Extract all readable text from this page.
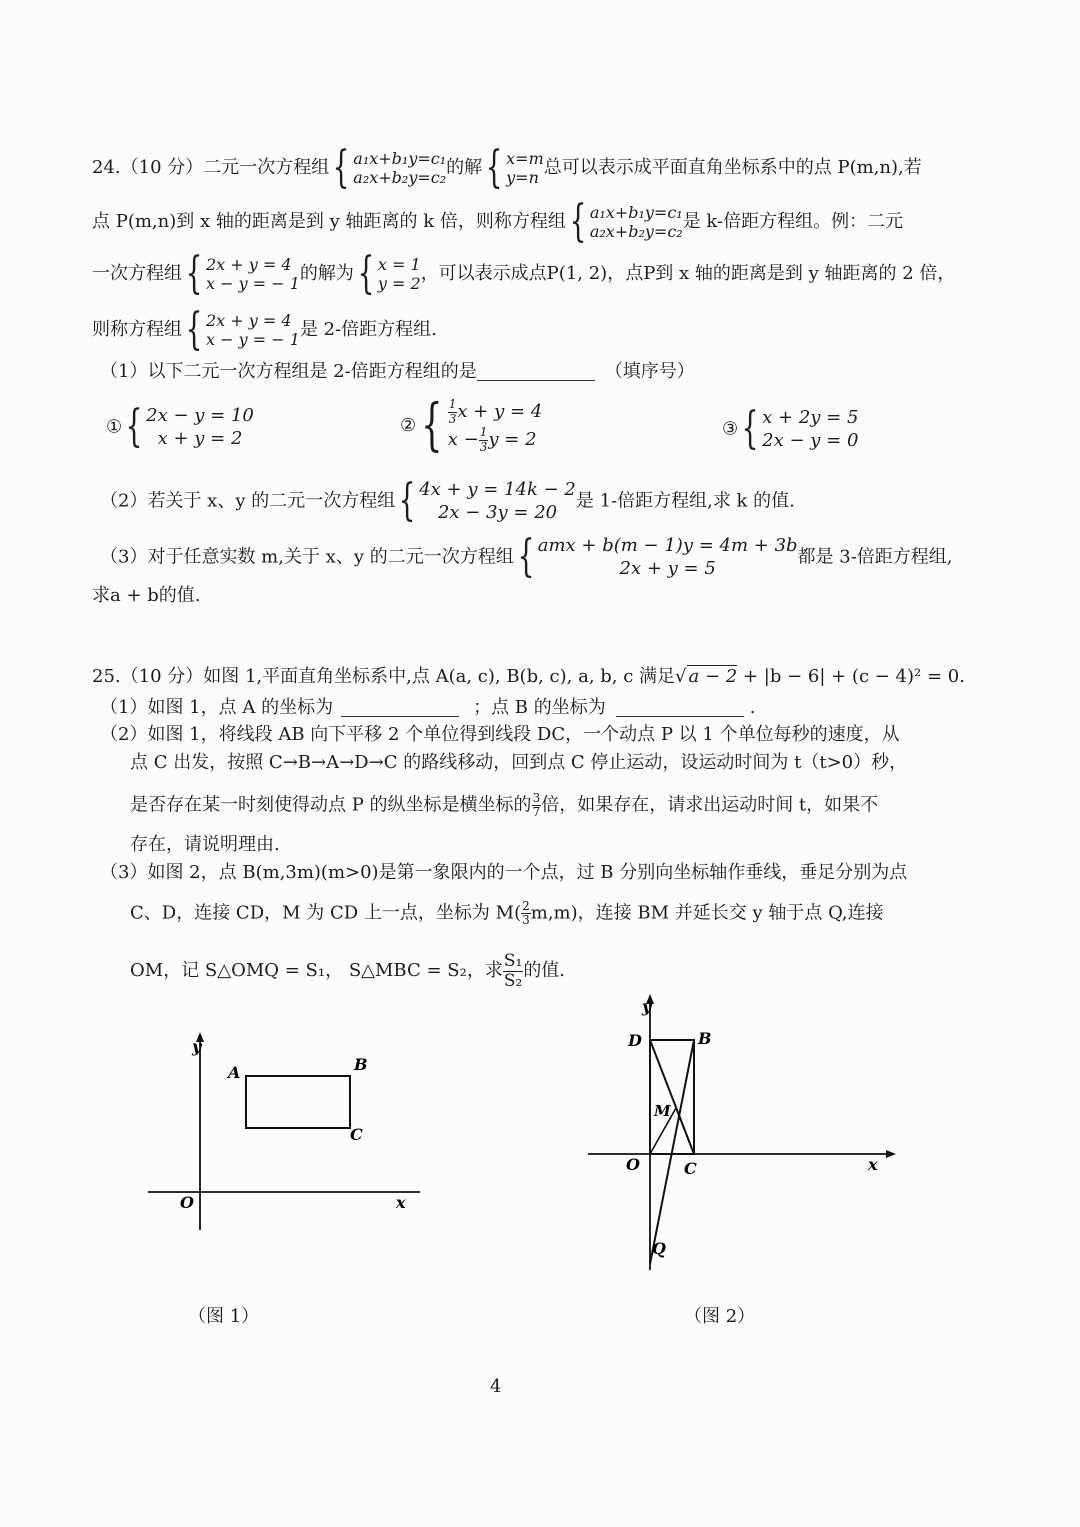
24.（10 分）二元一次方程组 { a₁x+b₁y=c₁
a₂x+b₂y=c₂ 的解 { x=m
y=n 总可以表示成平面直角坐标系中的点 P(m,n),若
点 P(m,n)到 x 轴的距离是到 y 轴距离的 k 倍，则称方程组 { a₁x+b₁y=c₁
a₂x+b₂y=c₂ 是 k-倍距方程组。例：二元
一次方程组 { 2x + y = 4
x − y = − 1 的解为 { x = 1
y = 2 ，可以表示成点P(1, 2)，点P到 x 轴的距离是到 y 轴距离的 2 倍，
则称方程组 { 2x + y = 4
x − y = − 1 是 2-倍距方程组.
（1）以下二元一次方程组是 2-倍距方程组的是	（填序号）
① { 2x − y = 10
x + y = 2
② { $\frac{1}{3}$ x + y = 4
$x - \frac{1}{3}$ y = 2
③ { x + 2y = 5
2x − y = 0
（2）若关于 x、y 的二元一次方程组 { 4x + y = 14k − 2
2x − 3y = 20
是 1-倍距方程组,求 k 的值.
（3）对于任意实数 m,关于 x、y 的二元一次方程组 { amx + b(m − 1)y = 4m + 3b
2x + y = 5
都是 3-倍距方程组,
求a + b的值.
25.（10 分）如图 1,平面直角坐标系中,点 A(a, c), B(b, c), a, b, c 满足√ a − 2 + |b − 6| + (c − 4)² = 0.
（1）如图 1，点 A 的坐标为	；点 B 的坐标为	.
（2）如图 1，将线段 AB 向下平移 2 个单位得到线段 DC，一个动点 P 以 1 个单位每秒的速度，从
点 C 出发，按照 C→B→A→D→C 的路线移动，回到点 C 停止运动，设运动时间为 t（t>0）秒，
是否存在某一时刻使得动点 P 的纵坐标是横坐标的 $\frac{3}{7}$ 倍，如果存在，请求出运动时间 t，如果不
存在，请说明理由.
（3）如图 2，点 B(m,3m)(m>0)是第一象限内的一个点，过 B 分别向坐标轴作垂线，垂足分别为点
C、D，连接 CD，M 为 CD 上一点，坐标为 $M( \frac{2}{3} m,m)$，连接 BM 并延长交 y 轴于点 Q,连接
OM，记 S△OMQ = S₁， S△MBC = S₂，求 $\frac{\text{S₁}}{\text{S₂}}$ 的值.
y
x
O
A	B
C
（图 1）
y
x
O
D	B
M
C
Q
（图 2）
4
